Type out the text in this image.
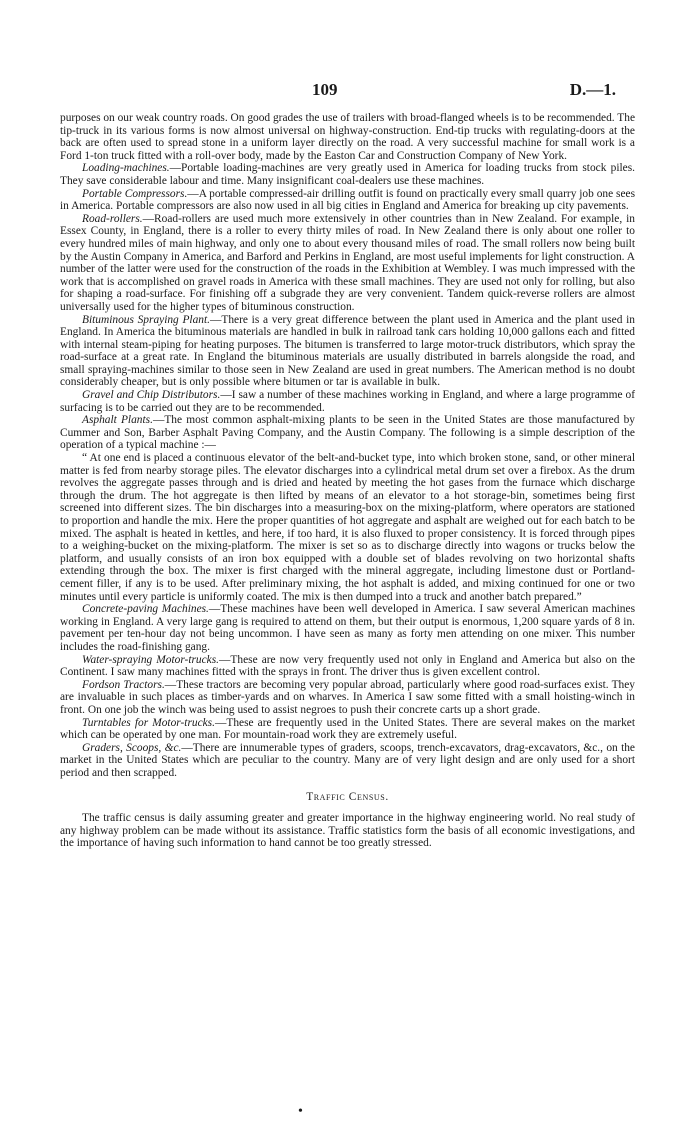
109	D.—1.

purposes on our weak country roads. On good grades the use of trailers with broad-flanged wheels is to be recommended. The tip-truck in its various forms is now almost universal on highway-construction. End-tip trucks with regulating-doors at the back are often used to spread stone in a uniform layer directly on the road. A very successful machine for small work is a Ford 1-ton truck fitted with a roll-over body, made by the Easton Car and Construction Company of New York.

Loading-machines.—Portable loading-machines are very greatly used in America for loading trucks from stock piles. They save considerable labour and time. Many insignificant coal-dealers use these machines.

Portable Compressors.—A portable compressed-air drilling outfit is found on practically every small quarry job one sees in America. Portable compressors are also now used in all big cities in England and America for breaking up city pavements.

Road-rollers.—Road-rollers are used much more extensively in other countries than in New Zealand. For example, in Essex County, in England, there is a roller to every thirty miles of road. In New Zealand there is only about one roller to every hundred miles of main highway, and only one to about every thousand miles of road. The small rollers now being built by the Austin Company in America, and Barford and Perkins in England, are most useful implements for light construction. A number of the latter were used for the construction of the roads in the Exhibition at Wembley. I was much impressed with the work that is accomplished on gravel roads in America with these small machines. They are used not only for rolling, but also for shaping a road-surface. For finishing off a subgrade they are very convenient. Tandem quick-reverse rollers are almost universally used for the higher types of bituminous construction.

Bituminous Spraying Plant.—There is a very great difference between the plant used in America and the plant used in England. In America the bituminous materials are handled in bulk in railroad tank cars holding 10,000 gallons each and fitted with internal steam-piping for heating purposes. The bitumen is transferred to large motor-truck distributors, which spray the road-surface at a great rate. In England the bituminous materials are usually distributed in barrels alongside the road, and small spraying-machines similar to those seen in New Zealand are used in great numbers. The American method is no doubt considerably cheaper, but is only possible where bitumen or tar is available in bulk.

Gravel and Chip Distributors.—I saw a number of these machines working in England, and where a large programme of surfacing is to be carried out they are to be recommended.

Asphalt Plants.—The most common asphalt-mixing plants to be seen in the United States are those manufactured by Cummer and Son, Barber Asphalt Paving Company, and the Austin Company. The following is a simple description of the operation of a typical machine :—

“ At one end is placed a continuous elevator of the belt-and-bucket type, into which broken stone, sand, or other mineral matter is fed from nearby storage piles. The elevator discharges into a cylindrical metal drum set over a firebox. As the drum revolves the aggregate passes through and is dried and heated by meeting the hot gases from the furnace which discharge through the drum. The hot aggregate is then lifted by means of an elevator to a hot storage-bin, sometimes being first screened into different sizes. The bin discharges into a measuring-box on the mixing-platform, where operators are stationed to proportion and handle the mix. Here the proper quantities of hot aggregate and asphalt are weighed out for each batch to be mixed. The asphalt is heated in kettles, and here, if too hard, it is also fluxed to proper consistency. It is forced through pipes to a weighing-bucket on the mixing-platform. The mixer is set so as to discharge directly into wagons or trucks below the platform, and usually consists of an iron box equipped with a double set of blades revolving on two horizontal shafts extending through the box. The mixer is first charged with the mineral aggregate, including limestone dust or Portland-cement filler, if any is to be used. After preliminary mixing, the hot asphalt is added, and mixing continued for one or two minutes until every particle is uniformly coated. The mix is then dumped into a truck and another batch prepared.”

Concrete-paving Machines.—These machines have been well developed in America. I saw several American machines working in England. A very large gang is required to attend on them, but their output is enormous, 1,200 square yards of 8 in. pavement per ten-hour day not being uncommon. I have seen as many as forty men attending on one mixer. This number includes the road-finishing gang.

Water-spraying Motor-trucks.—These are now very frequently used not only in England and America but also on the Continent. I saw many machines fitted with the sprays in front. The driver thus is given excellent control.

Fordson Tractors.—These tractors are becoming very popular abroad, particularly where good road-surfaces exist. They are invaluable in such places as timber-yards and on wharves. In America I saw some fitted with a small hoisting-winch in front. On one job the winch was being used to assist negroes to push their concrete carts up a short grade.

Turntables for Motor-trucks.—These are frequently used in the United States. There are several makes on the market which can be operated by one man. For mountain-road work they are extremely useful.

Graders, Scoops, &c.—There are innumerable types of graders, scoops, trench-excavators, drag-excavators, &c., on the market in the United States which are peculiar to the country. Many are of very light design and are only used for a short period and then scrapped.

Traffic Census.

The traffic census is daily assuming greater and greater importance in the highway engineering world. No real study of any highway problem can be made without its assistance. Traffic statistics form the basis of all economic investigations, and the importance of having such information to hand cannot be too greatly stressed.

•
